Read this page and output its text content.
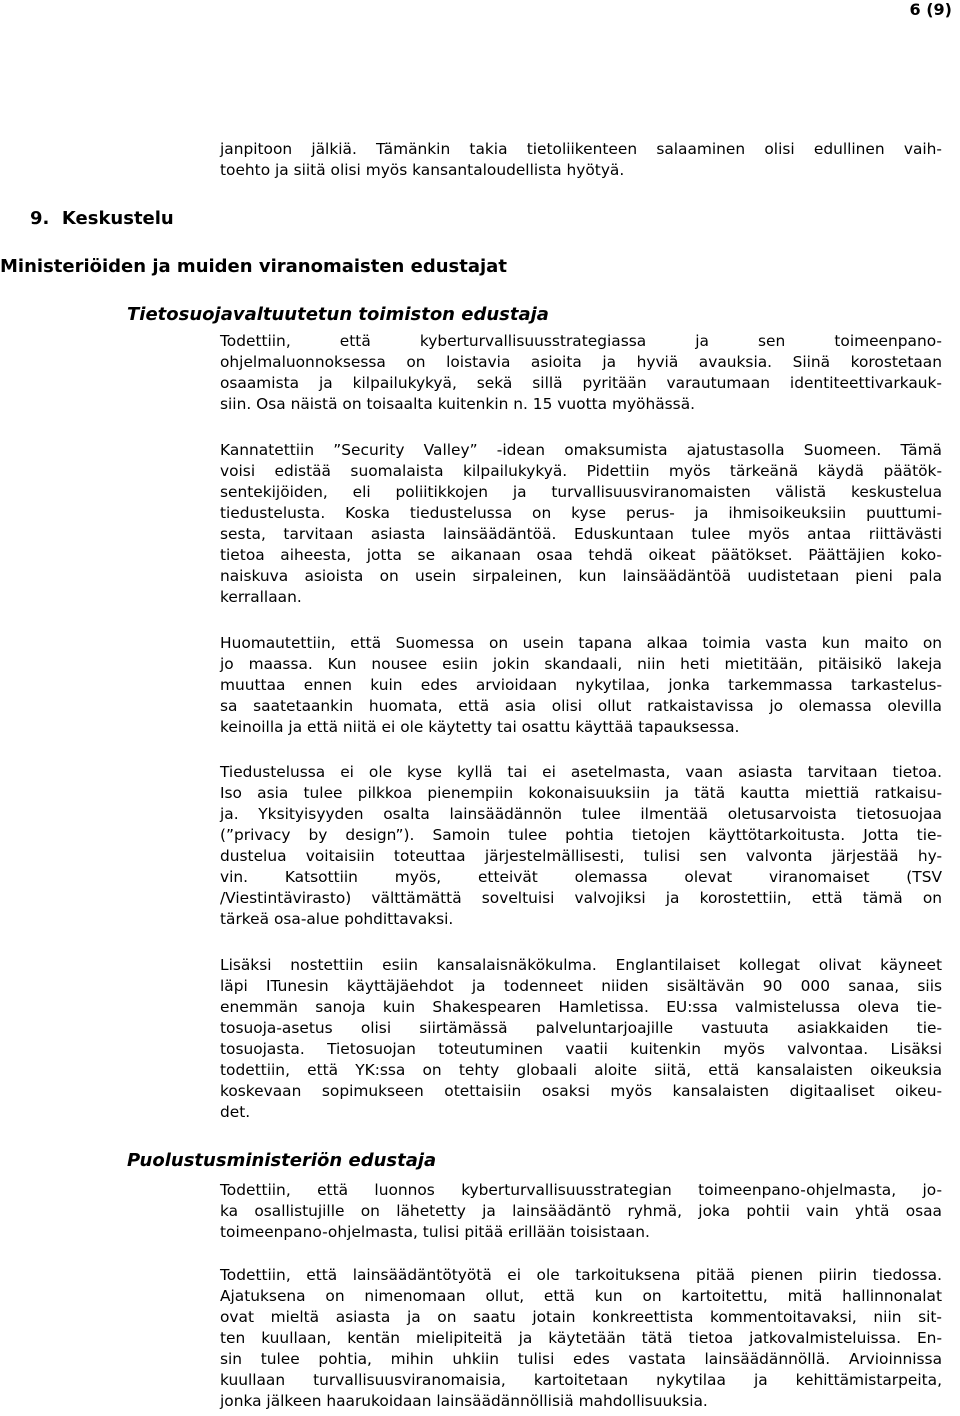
6 (9)
janpitoon jälkiä. Tämänkin takia tietoliikenteen salaaminen olisi edullinen vaih-
toehto ja siitä olisi myös kansantaloudellista hyötyä.
9.  Keskustelu
Ministeriöiden ja muiden viranomaisten edustajat
Tietosuojavaltuutetun toimiston edustaja
Todettiin, että kyberturvallisuusstrategiassa ja sen toimeenpano-
ohjelmaluonnoksessa on loistavia asioita ja hyviä avauksia. Siinä korostetaan
osaamista ja kilpailukykyä, sekä sillä pyritään varautumaan identiteettivarkauk-
siin. Osa näistä on toisaalta kuitenkin n. 15 vuotta myöhässä.
Kannatettiin ”Security Valley” -idean omaksumista ajatustasolla Suomeen. Tämä
voisi edistää suomalaista kilpailukykyä. Pidettiin myös tärkeänä käydä päätök-
sentekijöiden, eli poliitikkojen ja turvallisuusviranomaisten välistä keskustelua
tiedustelusta. Koska tiedustelussa on kyse perus- ja ihmisoikeuksiin puuttumi-
sesta, tarvitaan asiasta lainsäädäntöä. Eduskuntaan tulee myös antaa riittävästi
tietoa aiheesta, jotta se aikanaan osaa tehdä oikeat päätökset. Päättäjien koko-
naiskuva asioista on usein sirpaleinen, kun lainsäädäntöä uudistetaan pieni pala
kerrallaan.
Huomautettiin, että Suomessa on usein tapana alkaa toimia vasta kun maito on
jo maassa. Kun nousee esiin jokin skandaali, niin heti mietitään, pitäisikö lakeja
muuttaa ennen kuin edes arvioidaan nykytilaa, jonka tarkemmassa tarkastelus-
sa saatetaankin huomata, että asia olisi ollut ratkaistavissa jo olemassa olevilla
keinoilla ja että niitä ei ole käytetty tai osattu käyttää tapauksessa.
Tiedustelussa ei ole kyse kyllä tai ei asetelmasta, vaan asiasta tarvitaan tietoa.
Iso asia tulee pilkkoa pienempiin kokonaisuuksiin ja tätä kautta miettiä ratkaisu-
ja. Yksityisyyden osalta lainsäädännön tulee ilmentää oletusarvoista tietosuojaa
(”privacy by design”). Samoin tulee pohtia tietojen käyttötarkoitusta. Jotta tie-
dustelua voitaisiin toteuttaa järjestelmällisesti, tulisi sen valvonta järjestää hy-
vin. Katsottiin myös, etteivät olemassa olevat viranomaiset (TSV
/Viestintävirasto) välttämättä soveltuisi valvojiksi ja korostettiin, että tämä on
tärkeä osa-alue pohdittavaksi.
Lisäksi nostettiin esiin kansalaisnäkökulma. Englantilaiset kollegat olivat käyneet
läpi ITunesin käyttäjäehdot ja todenneet niiden sisältävän 90 000 sanaa, siis
enemmän sanoja kuin Shakespearen Hamletissa. EU:ssa valmistelussa oleva tie-
tosuoja-asetus olisi siirtämässä palveluntarjoajille vastuuta asiakkaiden tie-
tosuojasta. Tietosuojan toteutuminen vaatii kuitenkin myös valvontaa. Lisäksi
todettiin, että YK:ssa on tehty globaali aloite siitä, että kansalaisten oikeuksia
koskevaan sopimukseen otettaisiin osaksi myös kansalaisten digitaaliset oikeu-
det.
Puolustusministeriön edustaja
Todettiin, että luonnos kyberturvallisuusstrategian toimeenpano-ohjelmasta, jo-
ka osallistujille on lähetetty ja lainsäädäntö ryhmä, joka pohtii vain yhtä osaa
toimeenpano-ohjelmasta, tulisi pitää erillään toisistaan.
Todettiin, että lainsäädäntötyötä ei ole tarkoituksena pitää pienen piirin tiedossa.
Ajatuksena on nimenomaan ollut, että kun on kartoitettu, mitä hallinnonalat
ovat mieltä asiasta ja on saatu jotain konkreettista kommentoitavaksi, niin sit-
ten kuullaan, kentän mielipiteitä ja käytetään tätä tietoa jatkovalmisteluissa. En-
sin tulee pohtia, mihin uhkiin tulisi edes vastata lainsäädännöllä. Arvioinnissa
kuullaan turvallisuusviranomaisia, kartoitetaan nykytilaa ja kehittämistarpeita,
jonka jälkeen haarukoidaan lainsäädännöllisiä mahdollisuuksia.
